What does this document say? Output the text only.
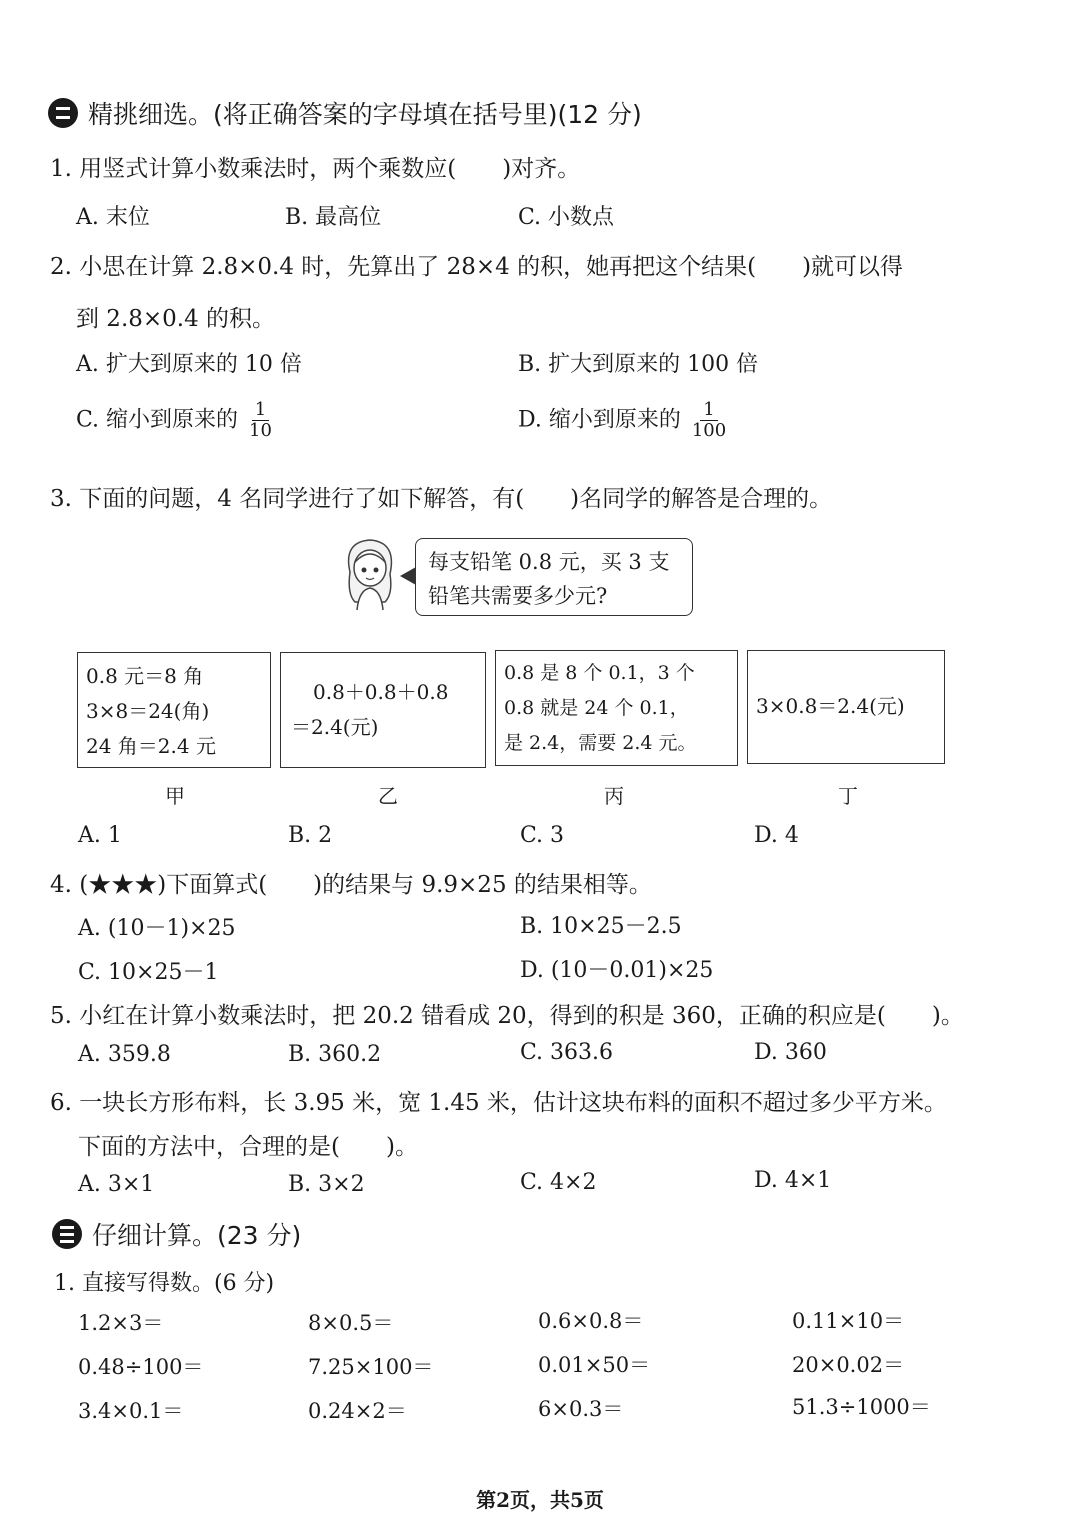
精挑细选。(将正确答案的字母填在括号里)(12 分)
1. 用竖式计算小数乘法时，两个乘数应(　　)对齐。
A. 末位	B. 最高位	C. 小数点
2. 小思在计算 2.8×0.4 时，先算出了 28×4 的积，她再把这个结果(　　)就可以得
到 2.8×0.4 的积。
A. 扩大到原来的 10 倍	B. 扩大到原来的 100 倍
C. 缩小到原来的 $\frac{1}{10}$	D. 缩小到原来的 $\frac{1}{100}$
3. 下面的问题，4 名同学进行了如下解答，有(　　)名同学的解答是合理的。
每支铅笔 0.8 元，买 3 支
铅笔共需要多少元?
0.8 元＝8 角
3×8＝24(角)
24 角＝2.4 元
0.8＋0.8＋0.8
＝2.4(元)
0.8 是 8 个 0.1，3 个
0.8 就是 24 个 0.1，
是 2.4，需要 2.4 元。
3×0.8＝2.4(元)
甲	乙	丙	丁
A. 1	B. 2	C. 3	D. 4
4. (★★★)下面算式(　　)的结果与 9.9×25 的结果相等。
A. (10－1)×25	B. 10×25－2.5
C. 10×25－1	D. (10－0.01)×25
5. 小红在计算小数乘法时，把 20.2 错看成 20，得到的积是 360，正确的积应是(　　)。
A. 359.8	B. 360.2	C. 363.6	D. 360
6. 一块长方形布料，长 3.95 米，宽 1.45 米，估计这块布料的面积不超过多少平方米。
下面的方法中，合理的是(　　)。
A. 3×1	B. 3×2	C. 4×2	D. 4×1
仔细计算。(23 分)
1. 直接写得数。(6 分)
1.2×3＝	8×0.5＝	0.6×0.8＝	0.11×10＝
0.48÷100＝	7.25×100＝	0.01×50＝	20×0.02＝
3.4×0.1＝	0.24×2＝	6×0.3＝	51.3÷1000＝
第2页，共5页
